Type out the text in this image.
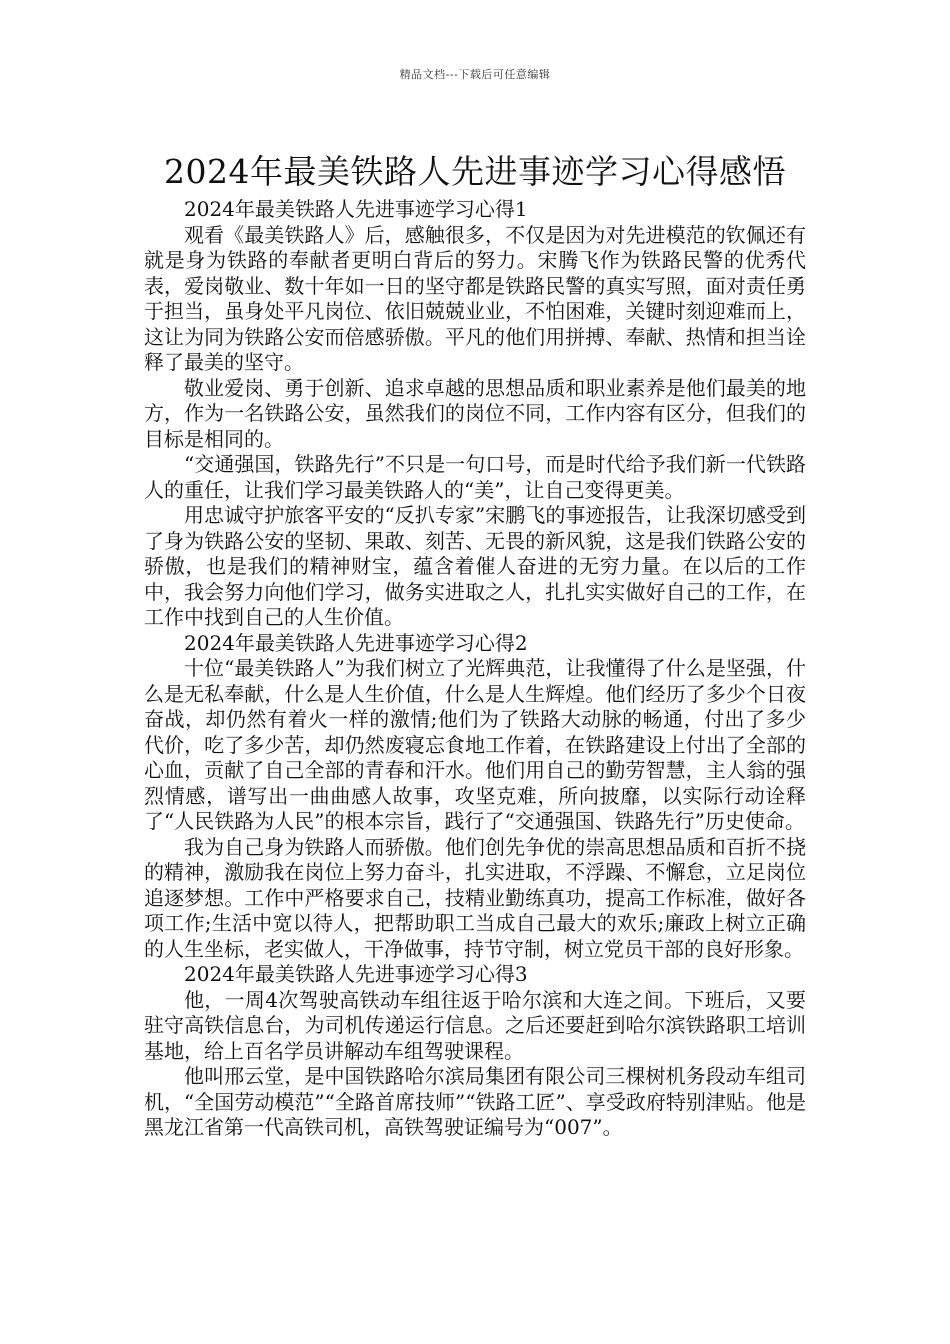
精品文档---下载后可任意编辑
2024年最美铁路人先进事迹学习心得感悟

2024年最美铁路人先进事迹学习心得1

观看《最美铁路人》后，感触很多，不仅是因为对先进模范的钦佩还有就是身为铁路的奉献者更明白背后的努力。宋腾飞作为铁路民警的优秀代表，爱岗敬业、数十年如一日的坚守都是铁路民警的真实写照，面对责任勇于担当，虽身处平凡岗位、依旧兢兢业业，不怕困难，关键时刻迎难而上，这让为同为铁路公安而倍感骄傲。平凡的他们用拼搏、奉献、热情和担当诠释了最美的坚守。

敬业爱岗、勇于创新、追求卓越的思想品质和职业素养是他们最美的地方，作为一名铁路公安，虽然我们的岗位不同，工作内容有区分，但我们的目标是相同的。

“交通强国，铁路先行”不只是一句口号，而是时代给予我们新一代铁路人的重任，让我们学习最美铁路人的“美”，让自己变得更美。

用忠诚守护旅客平安的“反扒专家”宋鹏飞的事迹报告，让我深切感受到了身为铁路公安的坚韧、果敢、刻苦、无畏的新风貌，这是我们铁路公安的骄傲，也是我们的精神财宝，蕴含着催人奋进的无穷力量。在以后的工作中，我会努力向他们学习，做务实进取之人，扎扎实实做好自己的工作，在工作中找到自己的人生价值。

2024年最美铁路人先进事迹学习心得2

十位“最美铁路人”为我们树立了光辉典范，让我懂得了什么是坚强，什么是无私奉献，什么是人生价值，什么是人生辉煌。他们经历了多少个日夜奋战，却仍然有着火一样的激情;他们为了铁路大动脉的畅通，付出了多少代价，吃了多少苦，却仍然废寝忘食地工作着，在铁路建设上付出了全部的心血，贡献了自己全部的青春和汗水。他们用自己的勤劳智慧，主人翁的强烈情感，谱写出一曲曲感人故事，攻坚克难，所向披靡，以实际行动诠释了“人民铁路为人民”的根本宗旨，践行了“交通强国、铁路先行”历史使命。

我为自己身为铁路人而骄傲。他们创先争优的崇高思想品质和百折不挠的精神，激励我在岗位上努力奋斗，扎实进取，不浮躁、不懈怠，立足岗位追逐梦想。工作中严格要求自己，技精业勤练真功，提高工作标准，做好各项工作;生活中宽以待人，把帮助职工当成自己最大的欢乐;廉政上树立正确的人生坐标，老实做人，干净做事，持节守制，树立党员干部的良好形象。

2024年最美铁路人先进事迹学习心得3

他，一周4次驾驶高铁动车组往返于哈尔滨和大连之间。下班后，又要驻守高铁信息台，为司机传递运行信息。之后还要赶到哈尔滨铁路职工培训基地，给上百名学员讲解动车组驾驶课程。

他叫邢云堂，是中国铁路哈尔滨局集团有限公司三棵树机务段动车组司机，“全国劳动模范”“全路首席技师”“铁路工匠”、享受政府特别津贴。他是黑龙江省第一代高铁司机，高铁驾驶证编号为“007”。
